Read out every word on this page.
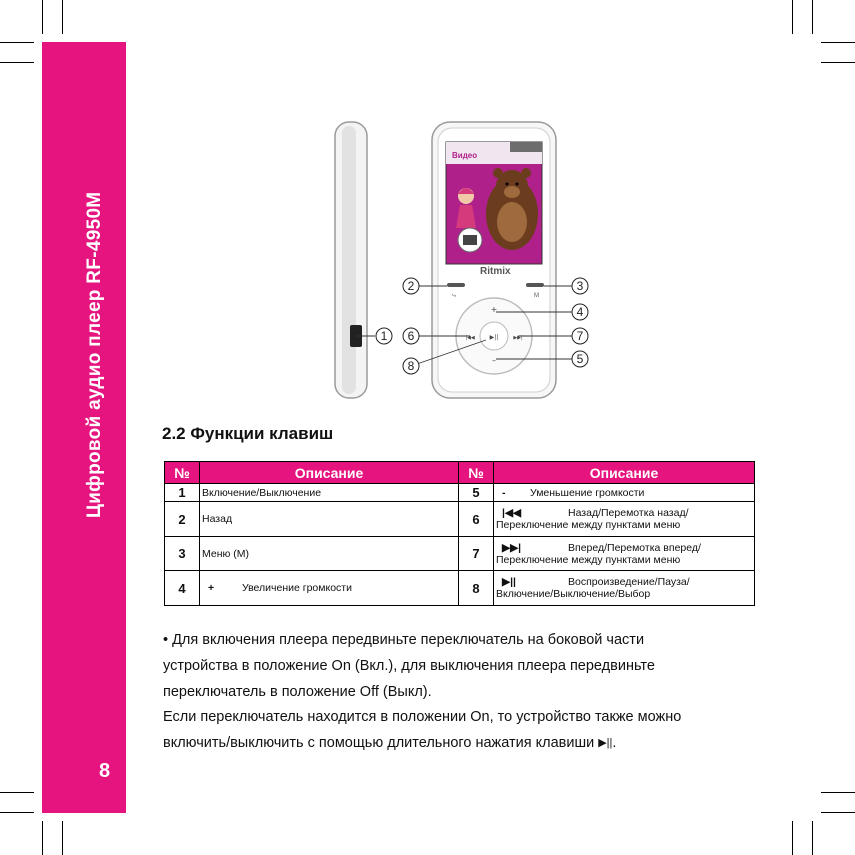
Цифровой аудио плеер RF-4950M
8
Видео
Ritmix
⤷	M
▶||
+
–
|◀◀	▶▶|
2	3
4
1 6	7
5
8
2.2 Функции клавиш
№	Описание	№	Описание
1	Включение/Выключение	5	- Уменьшение громкости
2	Назад	6	|◀◀ Назад/Перемотка назад/
Переключение между пунктами меню

3	Меню (M)	7	▶▶| Вперед/Перемотка вперед/
Переключение между пунктами меню

4	+ Увеличение громкости	8	▶|| Воспроизведение/Пауза/
Включение/Выключение/Выбор

• Для включения плеера передвиньте переключатель на боковой части

устройства в положение On (Вкл.), для выключения плеера передвиньте

переключатель в положение Off (Выкл).

Если переключатель находится в положении On, то устройство также можно

включить/выключить с помощью длительного нажатия клавиши ▶||.
